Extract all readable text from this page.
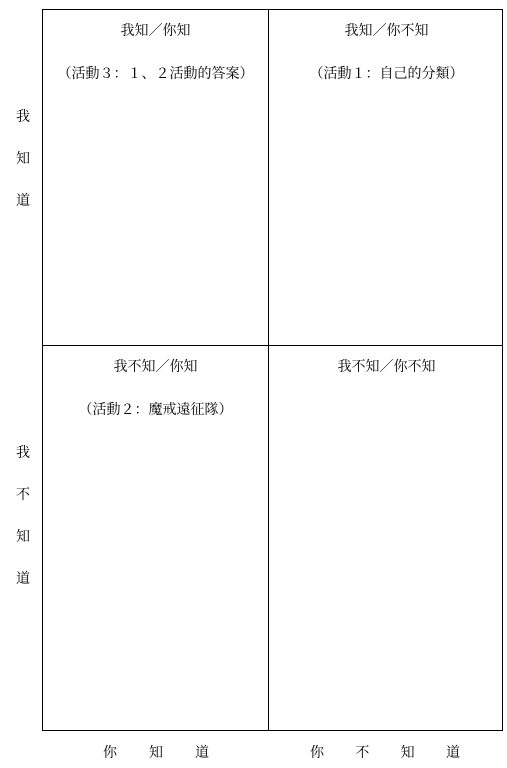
我
知
道
我
不
知
道
我知／你知
（活動３：１、２活動的答案）
我知／你不知
（活動１：自己的分類）
我不知／你知
（活動２：魔戒遠征隊）
我不知／你不知
你 知 道	你 不 知 道
